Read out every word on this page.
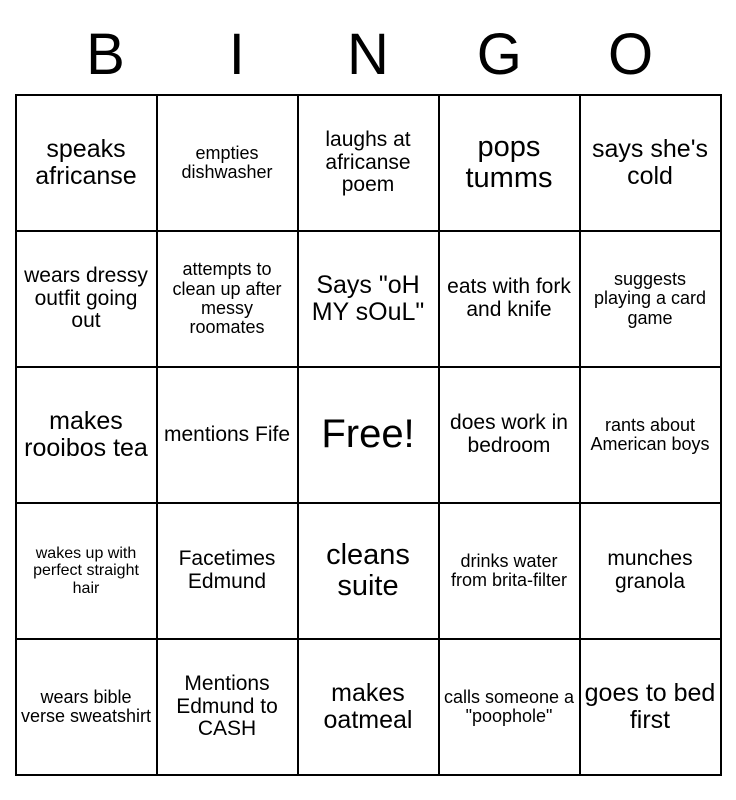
B	I	N	G	O
speaks africanse	empties dishwasher	laughs at africanse poem	pops tumms	says she's cold
wears dressy outfit going out	attempts to clean up after messy roomates	Says "oH MY sOuL"	eats with fork and knife	suggests playing a card game
makes rooibos tea	mentions Fife	Free!	does work in bedroom	rants about American boys
wakes up with perfect straight hair	Facetimes Edmund	cleans suite	drinks water from brita-filter	munches granola
wears bible verse sweatshirt	Mentions Edmund to CASH	makes oatmeal	calls someone a "poophole"	goes to bed first
